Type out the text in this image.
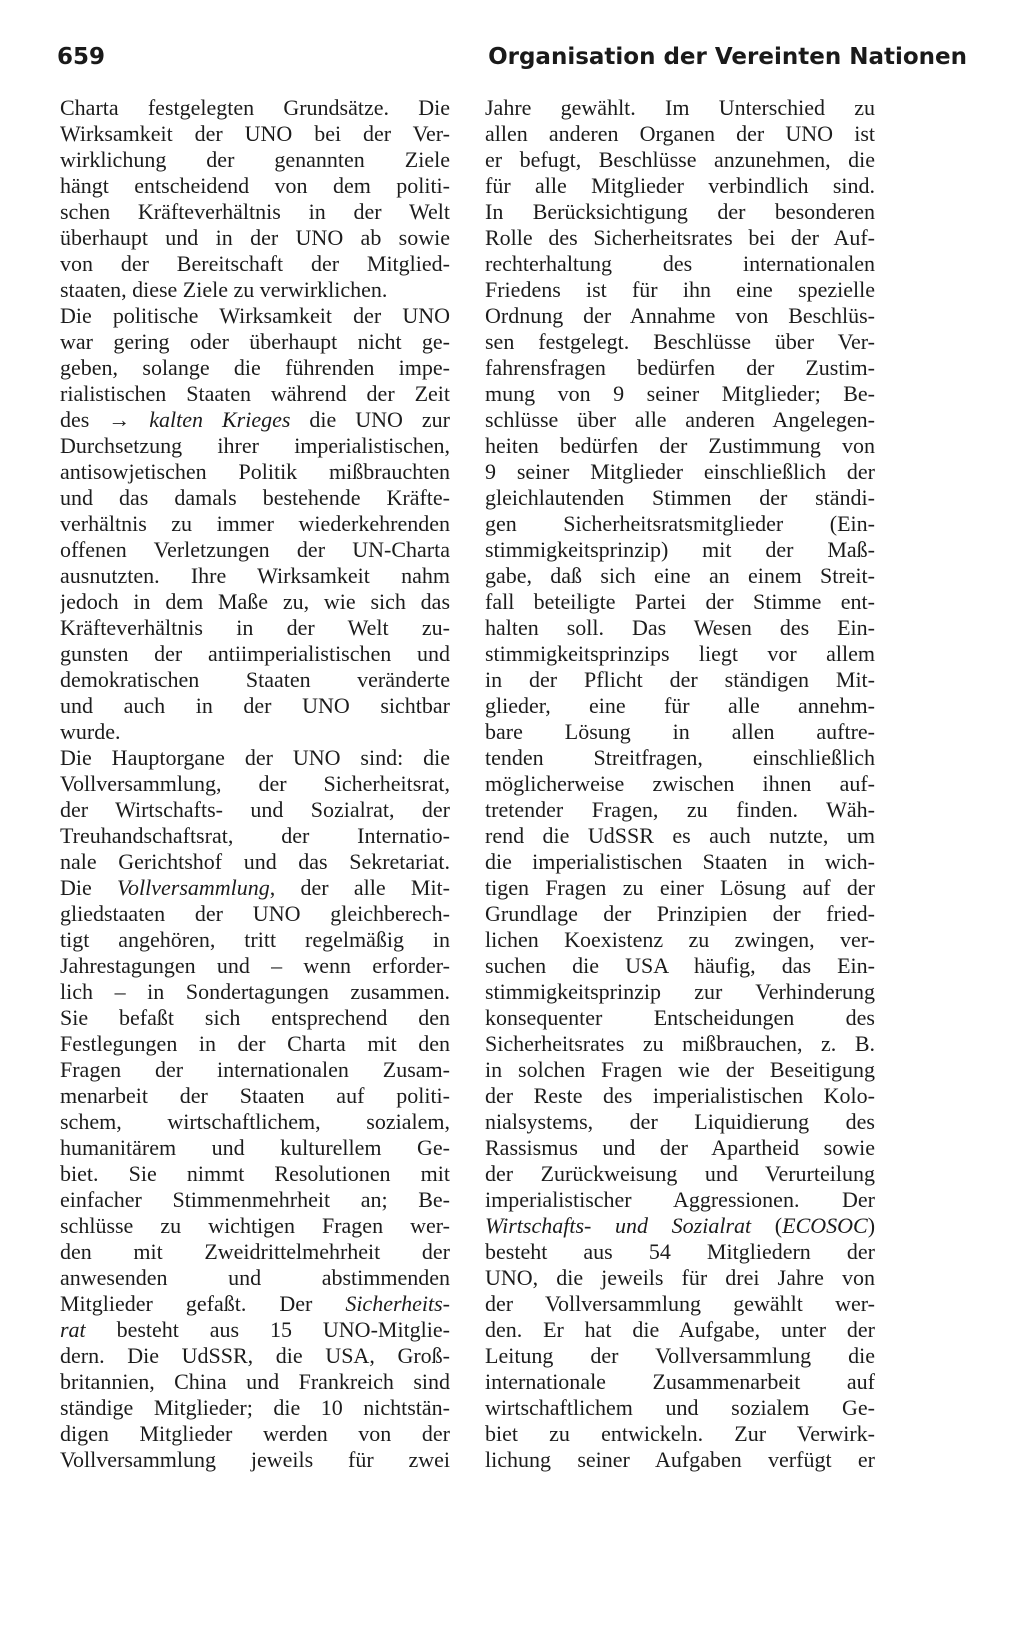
659	Organisation der Vereinten Nationen
Charta festgelegten Grundsätze. Die
Wirksamkeit der UNO bei der Ver-
wirklichung der genannten Ziele
hängt entscheidend von dem politi-
schen Kräfteverhältnis in der Welt
überhaupt und in der UNO ab sowie
von der Bereitschaft der Mitglied-
staaten, diese Ziele zu verwirklichen.
Die politische Wirksamkeit der UNO
war gering oder überhaupt nicht ge-
geben, solange die führenden impe-
rialistischen Staaten während der Zeit
des → kalten Krieges die UNO zur
Durchsetzung ihrer imperialistischen,
antisowjetischen Politik mißbrauchten
und das damals bestehende Kräfte-
verhältnis zu immer wiederkehrenden
offenen Verletzungen der UN-Charta
ausnutzten. Ihre Wirksamkeit nahm
jedoch in dem Maße zu, wie sich das
Kräfteverhältnis in der Welt zu-
gunsten der antiimperialistischen und
demokratischen Staaten veränderte
und auch in der UNO sichtbar
wurde.
Die Hauptorgane der UNO sind: die
Vollversammlung, der Sicherheitsrat,
der Wirtschafts- und Sozialrat, der
Treuhandschaftsrat, der Internatio-
nale Gerichtshof und das Sekretariat.
Die Vollversammlung, der alle Mit-
gliedstaaten der UNO gleichberech-
tigt angehören, tritt regelmäßig in
Jahrestagungen und – wenn erforder-
lich – in Sondertagungen zusammen.
Sie befaßt sich entsprechend den
Festlegungen in der Charta mit den
Fragen der internationalen Zusam-
menarbeit der Staaten auf politi-
schem, wirtschaftlichem, sozialem,
humanitärem und kulturellem Ge-
biet. Sie nimmt Resolutionen mit
einfacher Stimmenmehrheit an; Be-
schlüsse zu wichtigen Fragen wer-
den mit Zweidrittelmehrheit der
anwesenden und abstimmenden
Mitglieder gefaßt. Der Sicherheits-
rat besteht aus 15 UNO-Mitglie-
dern. Die UdSSR, die USA, Groß-
britannien, China und Frankreich sind
ständige Mitglieder; die 10 nichtstän-
digen Mitglieder werden von der
Vollversammlung jeweils für zwei
Jahre gewählt. Im Unterschied zu
allen anderen Organen der UNO ist
er befugt, Beschlüsse anzunehmen, die
für alle Mitglieder verbindlich sind.
In Berücksichtigung der besonderen
Rolle des Sicherheitsrates bei der Auf-
rechterhaltung des internationalen
Friedens ist für ihn eine spezielle
Ordnung der Annahme von Beschlüs-
sen festgelegt. Beschlüsse über Ver-
fahrensfragen bedürfen der Zustim-
mung von 9 seiner Mitglieder; Be-
schlüsse über alle anderen Angelegen-
heiten bedürfen der Zustimmung von
9 seiner Mitglieder einschließlich der
gleichlautenden Stimmen der ständi-
gen Sicherheitsratsmitglieder (Ein-
stimmigkeitsprinzip) mit der Maß-
gabe, daß sich eine an einem Streit-
fall beteiligte Partei der Stimme ent-
halten soll. Das Wesen des Ein-
stimmigkeitsprinzips liegt vor allem
in der Pflicht der ständigen Mit-
glieder, eine für alle annehm-
bare Lösung in allen auftre-
tenden Streitfragen, einschließlich
möglicherweise zwischen ihnen auf-
tretender Fragen, zu finden. Wäh-
rend die UdSSR es auch nutzte, um
die imperialistischen Staaten in wich-
tigen Fragen zu einer Lösung auf der
Grundlage der Prinzipien der fried-
lichen Koexistenz zu zwingen, ver-
suchen die USA häufig, das Ein-
stimmigkeitsprinzip zur Verhinderung
konsequenter Entscheidungen des
Sicherheitsrates zu mißbrauchen, z. B.
in solchen Fragen wie der Beseitigung
der Reste des imperialistischen Kolo-
nialsystems, der Liquidierung des
Rassismus und der Apartheid sowie
der Zurückweisung und Verurteilung
imperialistischer Aggressionen. Der
Wirtschafts- und Sozialrat (ECOSOC)
besteht aus 54 Mitgliedern der
UNO, die jeweils für drei Jahre von
der Vollversammlung gewählt wer-
den. Er hat die Aufgabe, unter der
Leitung der Vollversammlung die
internationale Zusammenarbeit auf
wirtschaftlichem und sozialem Ge-
biet zu entwickeln. Zur Verwirk-
lichung seiner Aufgaben verfügt er
